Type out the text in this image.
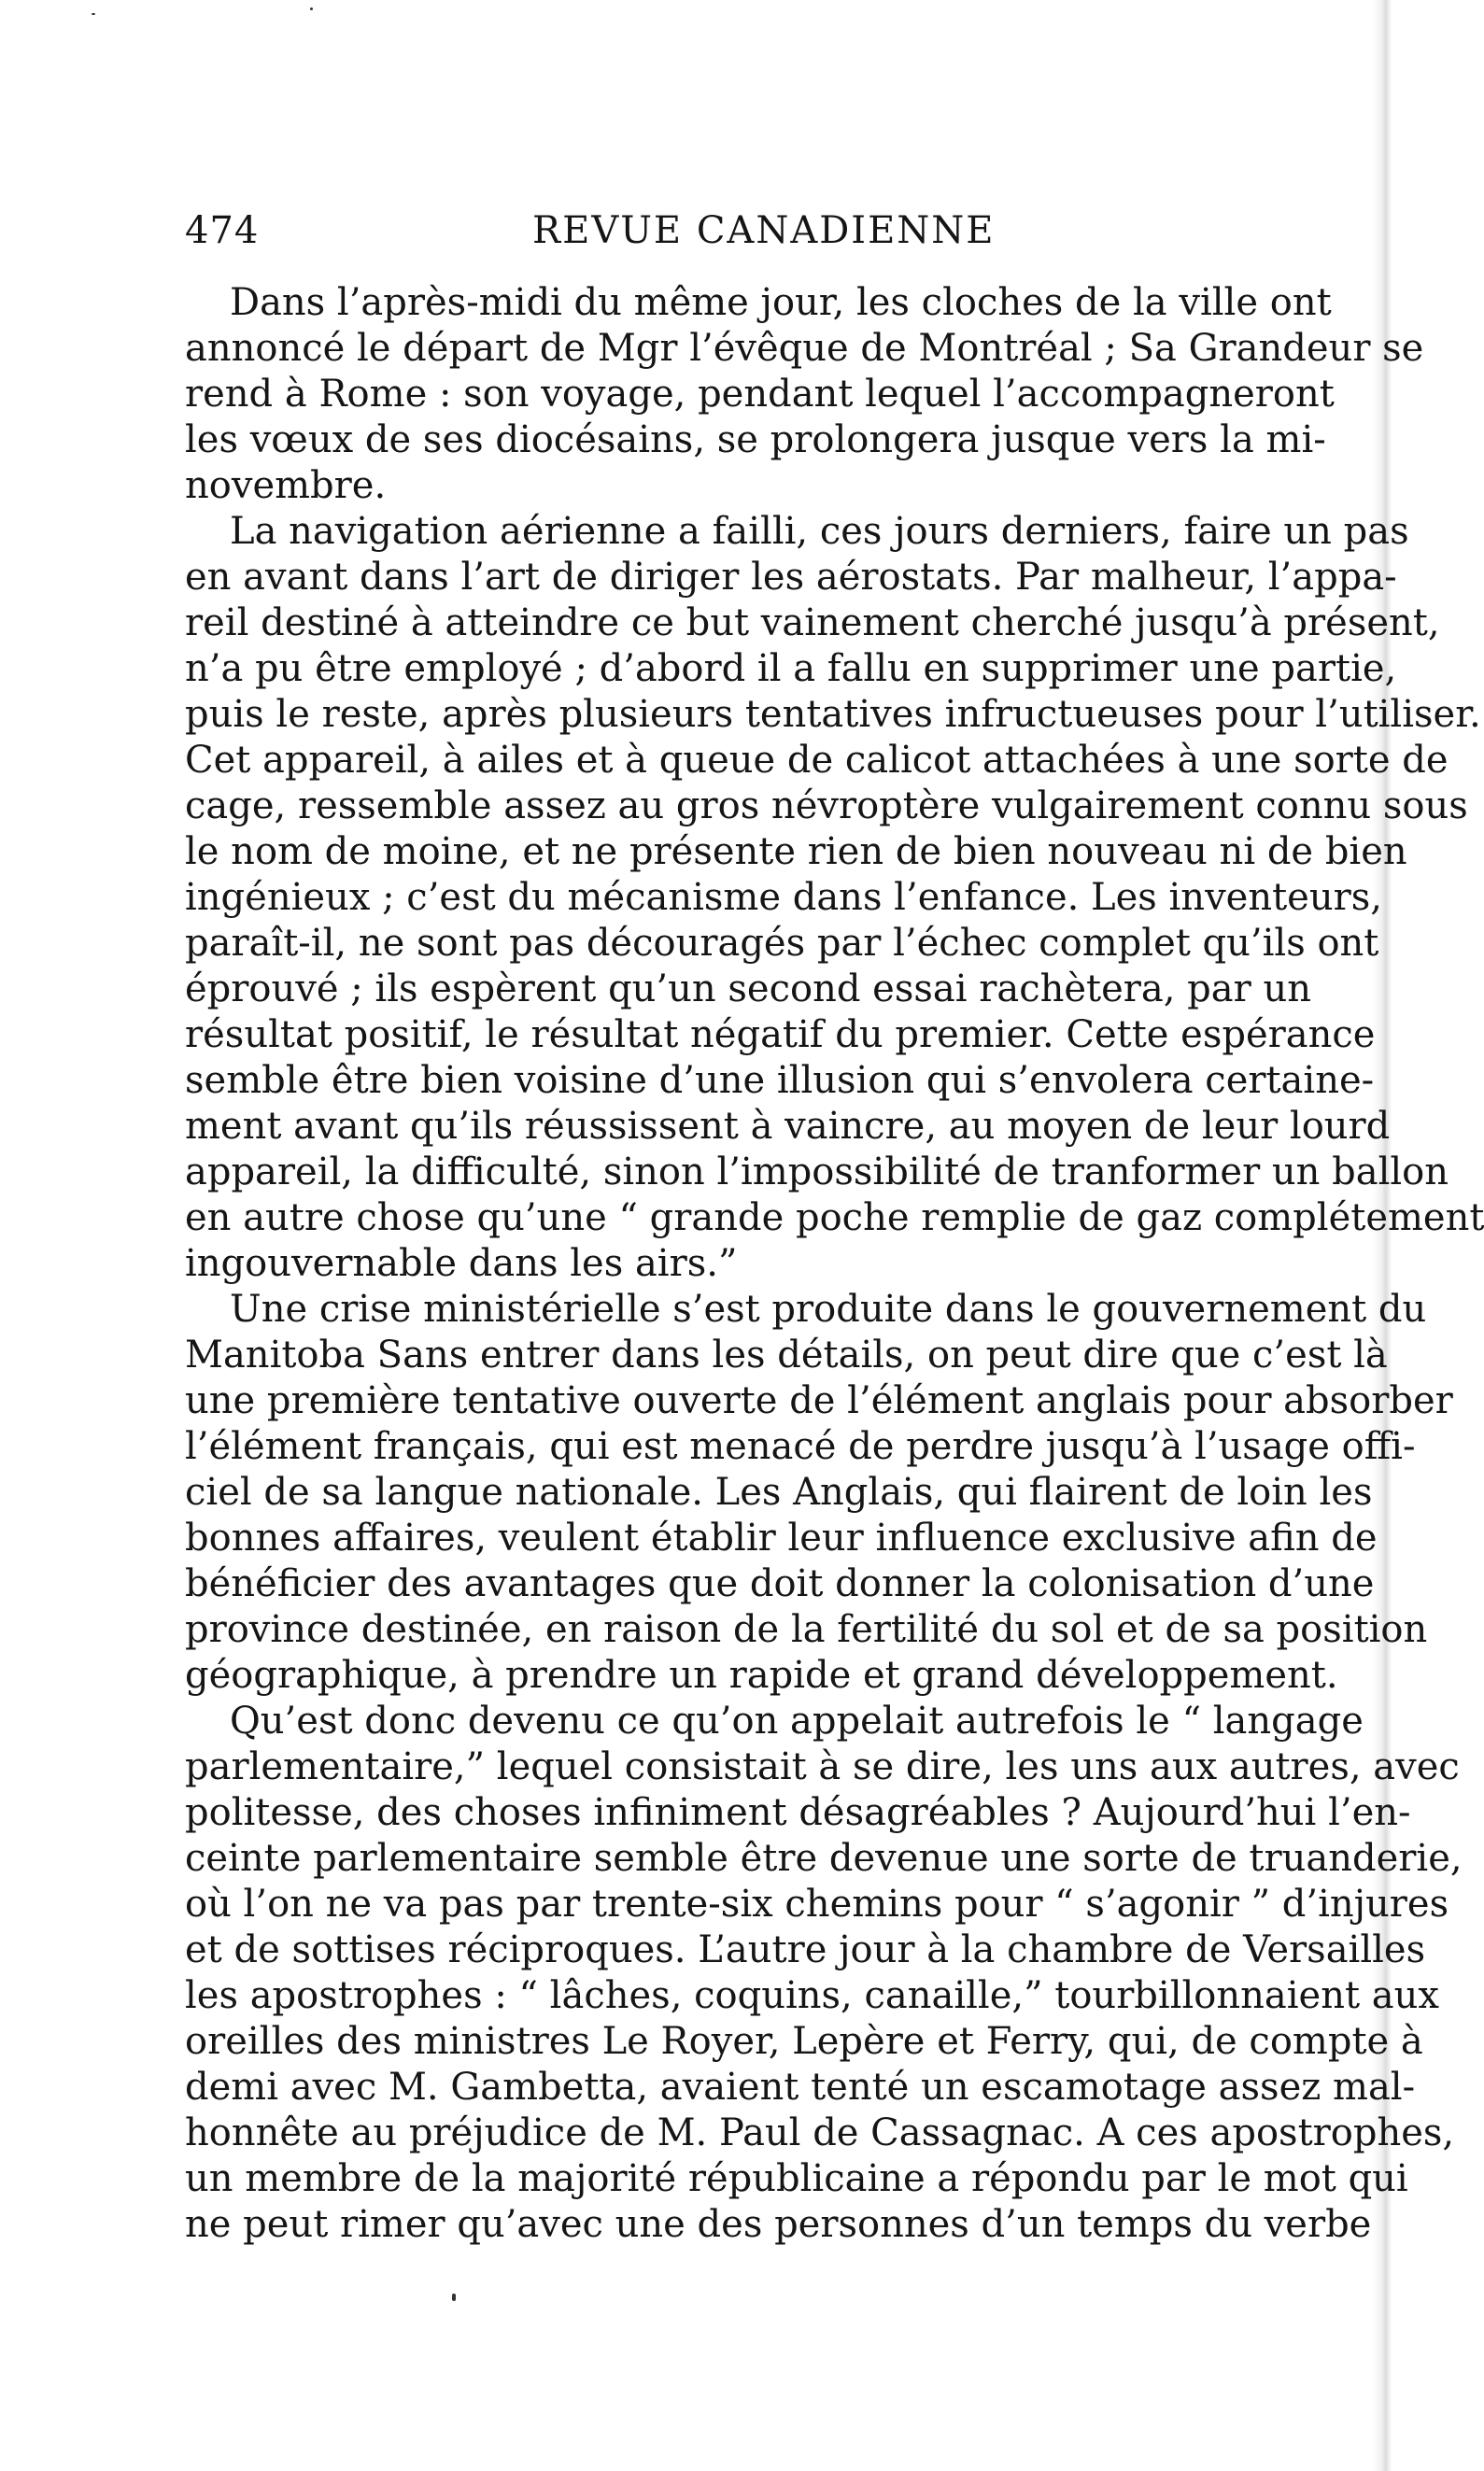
474	REVUE CANADIENNE
Dans l’après-midi du même jour, les cloches de la ville ont
annoncé le départ de Mgr l’évêque de Montréal ; Sa Grandeur se
rend à Rome : son voyage, pendant lequel l’accompagneront
les vœux de ses diocésains, se prolongera jusque vers la mi-
novembre.
La navigation aérienne a failli, ces jours derniers, faire un pas
en avant dans l’art de diriger les aérostats. Par malheur, l’appa-
reil destiné à atteindre ce but vainement cherché jusqu’à présent,
n’a pu être employé ; d’abord il a fallu en supprimer une partie,
puis le reste, après plusieurs tentatives infructueuses pour l’utiliser.
Cet appareil, à ailes et à queue de calicot attachées à une sorte de
cage, ressemble assez au gros névroptère vulgairement connu sous
le nom de moine, et ne présente rien de bien nouveau ni de bien
ingénieux ; c’est du mécanisme dans l’enfance. Les inventeurs,
paraît-il, ne sont pas découragés par l’échec complet qu’ils ont
éprouvé ; ils espèrent qu’un second essai rachètera, par un
résultat positif, le résultat négatif du premier. Cette espérance
semble être bien voisine d’une illusion qui s’envolera certaine-
ment avant qu’ils réussissent à vaincre, au moyen de leur lourd
appareil, la difficulté, sinon l’impossibilité de tranformer un ballon
en autre chose qu’une “ grande poche remplie de gaz complétement
ingouvernable dans les airs.”
Une crise ministérielle s’est produite dans le gouvernement du
Manitoba Sans entrer dans les détails, on peut dire que c’est là
une première tentative ouverte de l’élément anglais pour absorber
l’élément français, qui est menacé de perdre jusqu’à l’usage offi-
ciel de sa langue nationale. Les Anglais, qui flairent de loin les
bonnes affaires, veulent établir leur influence exclusive afin de
bénéficier des avantages que doit donner la colonisation d’une
province destinée, en raison de la fertilité du sol et de sa position
géographique, à prendre un rapide et grand développement.
Qu’est donc devenu ce qu’on appelait autrefois le “ langage
parlementaire,” lequel consistait à se dire, les uns aux autres, avec
politesse, des choses infiniment désagréables ? Aujourd’hui l’en-
ceinte parlementaire semble être devenue une sorte de truanderie,
où l’on ne va pas par trente-six chemins pour “ s’agonir ” d’injures
et de sottises réciproques. L’autre jour à la chambre de Versailles
les apostrophes : “ lâches, coquins, canaille,” tourbillonnaient aux
oreilles des ministres Le Royer, Lepère et Ferry, qui, de compte à
demi avec M. Gambetta, avaient tenté un escamotage assez mal-
honnête au préjudice de M. Paul de Cassagnac. A ces apostrophes,
un membre de la majorité républicaine a répondu par le mot qui
ne peut rimer qu’avec une des personnes d’un temps du verbe
